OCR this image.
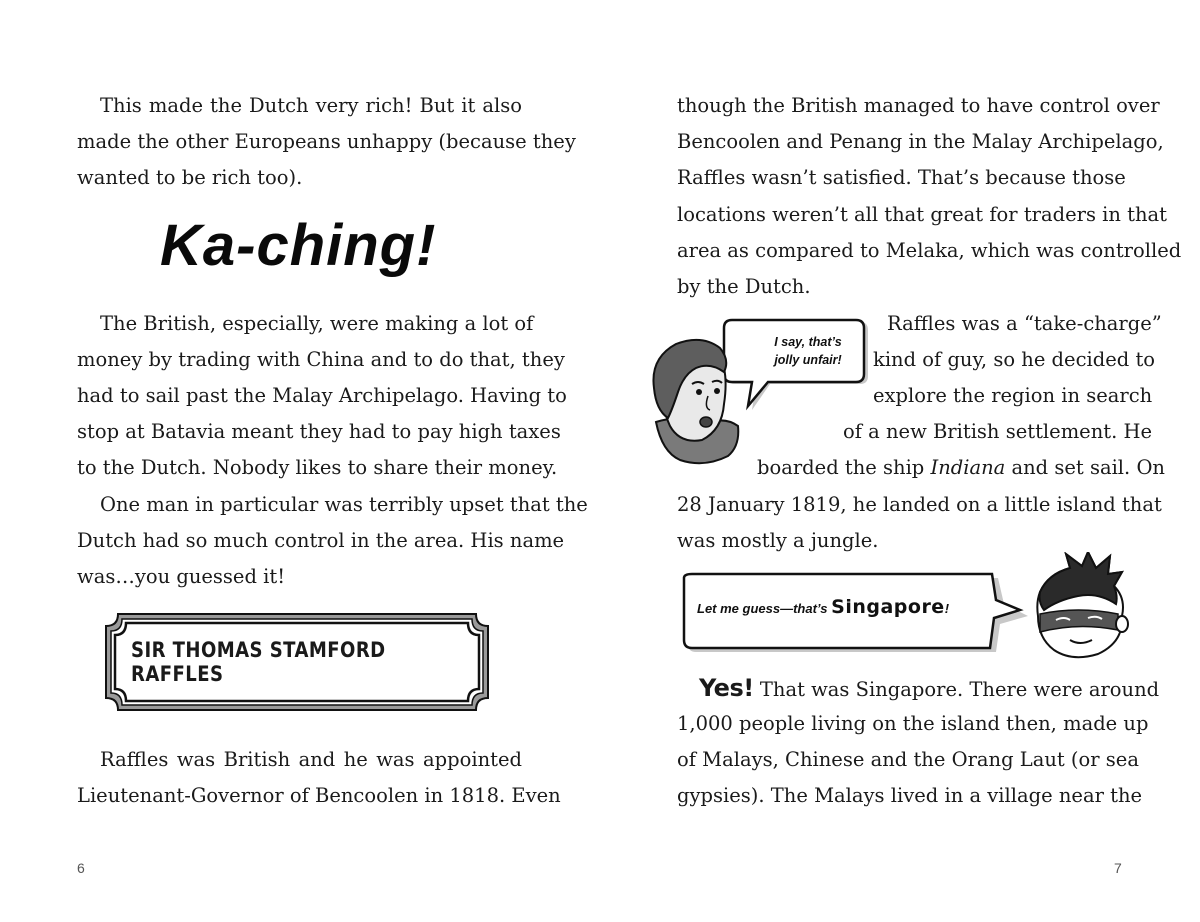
This made the Dutch very rich! But it also
made the other Europeans unhappy (because they
wanted to be rich too).
Ka-ching!
The British, especially, were making a lot of
money by trading with China and to do that, they
had to sail past the Malay Archipelago. Having to
stop at Batavia meant they had to pay high taxes
to the Dutch. Nobody likes to share their money.
One man in particular was terribly upset that the
Dutch had so much control in the area. His name
was…you guessed it!
SIR THOMAS STAMFORD RAFFLES
Raffles was British and he was appointed
Lieutenant-Governor of Bencoolen in 1818. Even
6
though the British managed to have control over
Bencoolen and Penang in the Malay Archipelago,
Raffles wasn’t satisfied. That’s because those
locations weren’t all that great for traders in that
area as compared to Melaka, which was controlled
by the Dutch.
I say, that’s
jolly unfair!
Raffles was a “take-charge”
kind of guy, so he decided to
explore the region in search
of a new British settlement. He
boarded the ship Indiana and set sail. On
28 January 1819, he landed on a little island that
was mostly a jungle.
Let me guess—that’s Singapore!
Yes! That was Singapore. There were around
1,000 people living on the island then, made up
of Malays, Chinese and the Orang Laut (or sea
gypsies). The Malays lived in a village near the
7
